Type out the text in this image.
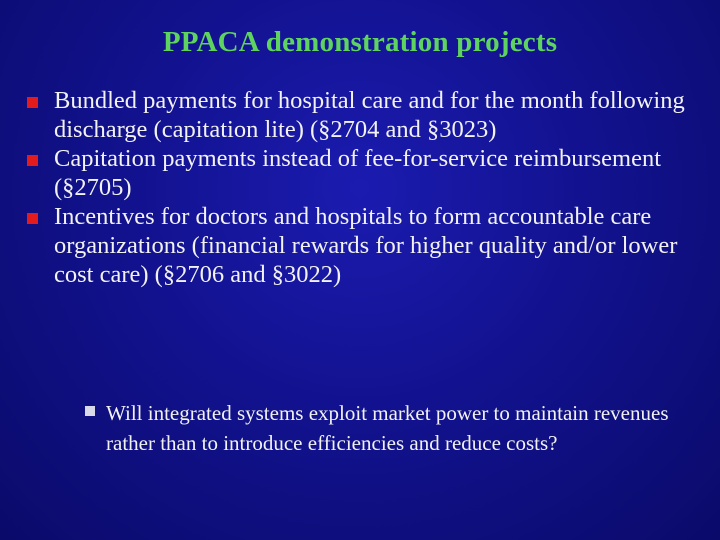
PPACA demonstration projects
Bundled payments for hospital care and for the month following discharge (capitation lite) (§2704 and §3023)
Capitation payments instead of fee-for-service reimbursement (§2705)
Incentives for doctors and hospitals to form accountable care organizations (financial rewards for higher quality and/or lower cost care) (§2706 and §3022)
Will integrated systems exploit market power to maintain revenues rather than to introduce efficiencies and reduce costs?
